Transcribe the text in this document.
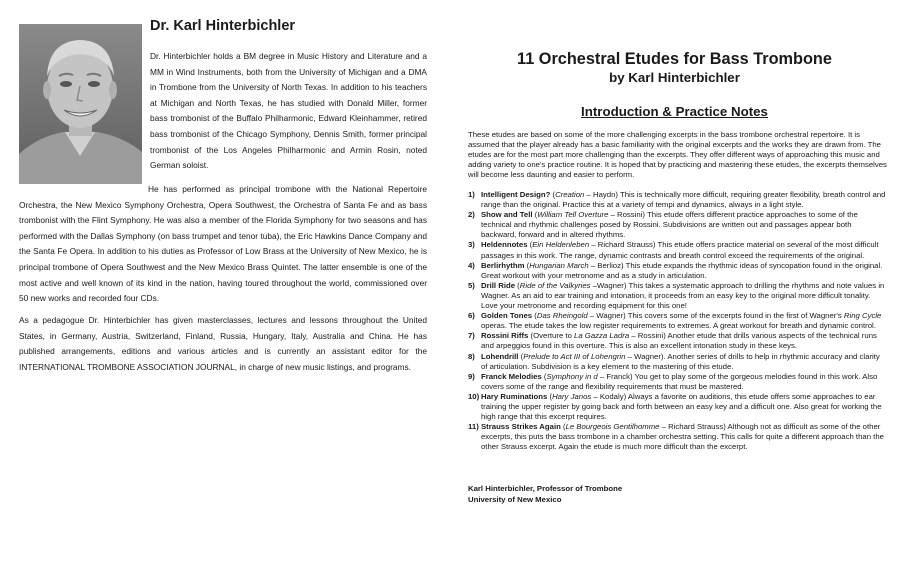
Dr. Karl Hinterbichler

Dr. Hinterbichler holds a BM degree in Music History and Literature and a MM in Wind Instruments, both from the University of Michigan and a DMA in Trombone from the University of North Texas. In addition to his teachers at Michigan and North Texas, he has studied with Donald Miller, former bass trombonist of the Buffalo Philharmonic, Edward Kleinhammer, retired bass trombonist of the Chicago Symphony, Dennis Smith, former principal trombonist of the Los Angeles Philharmonic and Armin Rosin, noted German soloist.

He has performed as principal trombone with the National Repertoire Orchestra, the New Mexico Symphony Orchestra, Opera Southwest, the Orchestra of Santa Fe and as bass trombonist with the Flint Symphony. He was also a member of the Florida Symphony for two seasons and has performed with the Dallas Symphony (on bass trumpet and tenor tuba), the Eric Hawkins Dance Company and the Santa Fe Opera. In addition to his duties as Professor of Low Brass at the University of New Mexico, he is principal trombone of Opera Southwest and the New Mexico Brass Quintet. The latter ensemble is one of the most active and well known of its kind in the nation, having toured throughout the world, commissioned over 50 new works and recorded four CDs.

As a pedagogue Dr. Hinterbichler has given masterclasses, lectures and lessons throughout the United States, in Germany, Austria, Switzerland, Finland, Russia, Hungary, Italy, Australia and China. He has published arrangements, editions and various articles and is currently an assistant editor for the INTERNATIONAL TROMBONE ASSOCIATION JOURNAL, in charge of new music listings, and programs.

11 Orchestral Etudes for Bass Trombone
by Karl Hinterbichler
Introduction & Practice Notes

These etudes are based on some of the more challenging excerpts in the bass trombone orchestral repertoire. It is assumed that the player already has a basic familiarity with the original excerpts and the works they are drawn from. The etudes are for the most part more challenging than the excerpts. They offer different ways of approaching this music and adding variety to one's practice routine. It is hoped that by practicing and mastering these etudes, the excerpts themselves will become less daunting and easier to perform.

1) Intelligent Design? (Creation – Haydn) This is technically more difficult, requiring greater flexibility, breath control and range than the original. Practice this at a variety of tempi and dynamics, always in a light style.
2) Show and Tell (William Tell Overture – Rossini) This etude offers different practice approaches to some of the technical and rhythmic challenges posed by Rossini. Subdivisions are written out and passages appear both backward, forward and in altered rhythms.
3) Heldennotes (Ein Heldenleben – Richard Strauss) This etude offers practice material on several of the most difficult passages in this work. The range, dynamic contrasts and breath control exceed the requirements of the original.
4) Berlirhythm (Hungarian March – Berlioz) This etude expands the rhythmic ideas of syncopation found in the original. Great workout with your metronome and as a study in articulation.
5) Drill Ride (Ride of the Valkyries –Wagner) This takes a systematic approach to drilling the rhythms and note values in Wagner. As an aid to ear training and intonation, it proceeds from an easy key to the original more difficult tonality. Love your metronome and recording equipment for this one!
6) Golden Tones (Das Rheingold – Wagner) This covers some of the excerpts found in the first of Wagner's Ring Cycle operas. The etude takes the low register requirements to extremes. A great workout for breath and dynamic control.
7) Rossini Riffs (Overture to La Gazza Ladra – Rossini) Another etude that drills various aspects of the technical runs and arpeggios found in this overture. This is also an excellent intonation study in these keys.
8) Lohendrill (Prelude to Act III of Lohengrin – Wagner). Another series of drills to help in rhythmic accuracy and clarity of articulation. Subdivision is a key element to the mastering of this etude.
9) Franck Melodies (Symphony in d – Franck) You get to play some of the gorgeous melodies found in this work. Also covers some of the range and flexibility requirements that must be mastered.
10) Hary Ruminations (Hary Janos – Kodaly) Always a favorite on auditions, this etude offers some approaches to ear training the upper register by going back and forth between an easy key and a difficult one. Also great for working the high range that this excerpt requires.
11) Strauss Strikes Again (Le Bourgeois Gentilhomme – Richard Strauss) Although not as difficult as some of the other excerpts, this puts the bass trombone in a chamber orchestra setting. This calls for quite a different approach than the other Strauss excerpt. Again the etude is much more difficult than the excerpt.
Karl Hinterbichler, Professor of Trombone
University of New Mexico
